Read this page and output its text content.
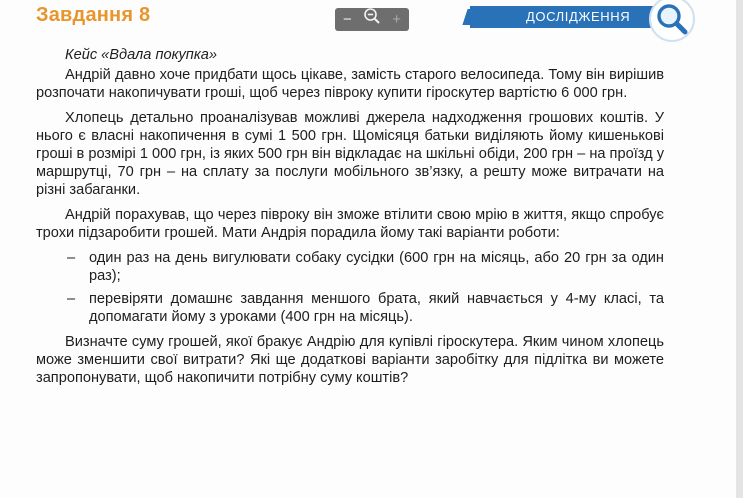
Завдання 8	−	+	ДОСЛІДЖЕННЯ

Кейс «Вдала покупка»

Андрій давно хоче придбати щось цікаве, замість старого велосипеда. Тому він вирішив розпочати накопичувати гроші, щоб через півроку купити гіроскутер вартістю 6 000 грн.

Хлопець детально проаналізував можливі джерела надходження грошових коштів. У нього є власні накопичення в сумі 1 500 грн. Щомісяця батьки виділяють йому кишенькові гроші в розмірі 1 000 грн, із яких 500 грн він відкладає на шкільні обіди, 200 грн – на проїзд у маршрутці, 70 грн – на сплату за послуги мобільного зв’язку, а решту може витрачати на різні забаганки.

Андрій порахував, що через півроку він зможе втілити свою мрію в життя, якщо спробує трохи підзаробити грошей. Мати Андрія порадила йому такі варіанти роботи:

– один раз на день вигулювати собаку сусідки (600 грн на місяць, або 20 грн за один раз);
– перевіряти домашнє завдання меншого брата, який навчається у 4-му класі, та допомагати йому з уроками (400 грн на місяць).

Визначте суму грошей, якої бракує Андрію для купівлі гіроскутера. Яким чином хлопець може зменшити свої витрати? Які ще додаткові варіанти заробітку для підлітка ви можете запропонувати, щоб накопичити потрібну суму коштів?
